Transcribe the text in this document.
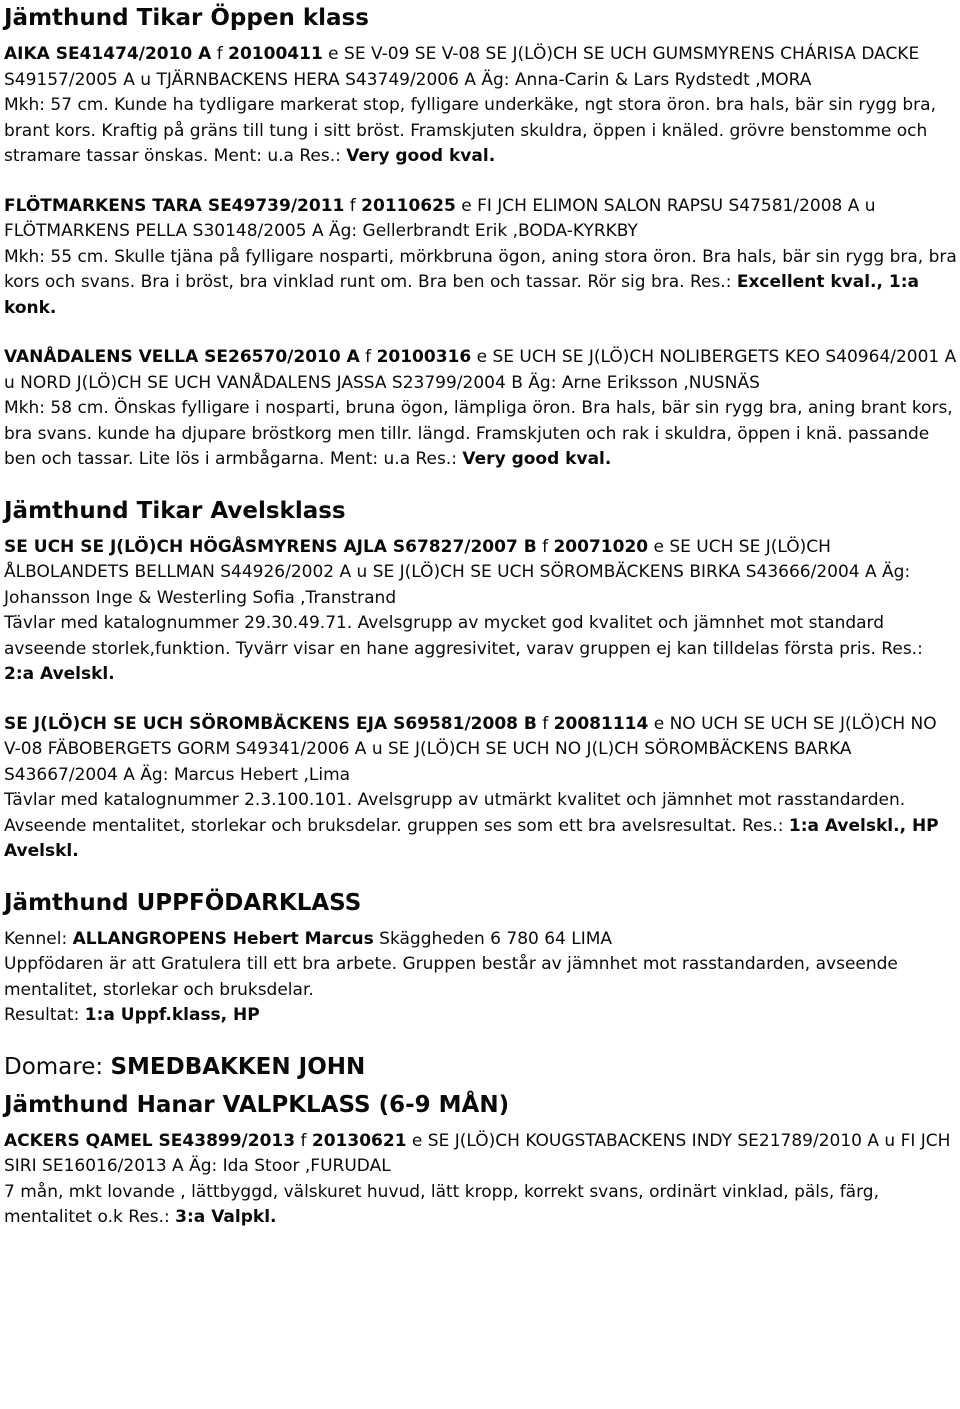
Jämthund Tikar Öppen klass

AIKA SE41474/2010 A f 20100411 e SE V-09 SE V-08 SE J(LÖ)CH SE UCH GUMSMYRENS CHÁRISA DACKE S49157/2005 A u TJÄRNBACKENS HERA S43749/2006 A Äg: Anna-Carin & Lars Rydstedt ,MORA
Mkh: 57 cm. Kunde ha tydligare markerat stop, fylligare underkäke, ngt stora öron. bra hals, bär sin rygg bra, brant kors. Kraftig på gräns till tung i sitt bröst. Framskjuten skuldra, öppen i knäled. grövre benstomme och stramare tassar önskas. Ment: u.a Res.: Very good kval.

FLÖTMARKENS TARA SE49739/2011 f 20110625 e FI JCH ELIMON SALON RAPSU S47581/2008 A u FLÖTMARKENS PELLA S30148/2005 A Äg: Gellerbrandt Erik ,BODA-KYRKBY
Mkh: 55 cm. Skulle tjäna på fylligare nosparti, mörkbruna ögon, aning stora öron. Bra hals, bär sin rygg bra, bra kors och svans. Bra i bröst, bra vinklad runt om. Bra ben och tassar. Rör sig bra. Res.: Excellent kval., 1:a konk.

VANÅDALENS VELLA SE26570/2010 A f 20100316 e SE UCH SE J(LÖ)CH NOLIBERGETS KEO S40964/2001 A u NORD J(LÖ)CH SE UCH VANÅDALENS JASSA S23799/2004 B Äg: Arne Eriksson ,NUSNÄS
Mkh: 58 cm. Önskas fylligare i nosparti, bruna ögon, lämpliga öron. Bra hals, bär sin rygg bra, aning brant kors, bra svans. kunde ha djupare bröstkorg men tillr. längd. Framskjuten och rak i skuldra, öppen i knä. passande ben och tassar. Lite lös i armbågarna. Ment: u.a Res.: Very good kval.

Jämthund Tikar Avelsklass

SE UCH SE J(LÖ)CH HÖGÅSMYRENS AJLA S67827/2007 B f 20071020 e SE UCH SE J(LÖ)CH ÅLBOLANDETS BELLMAN S44926/2002 A u SE J(LÖ)CH SE UCH SÖROMBÄCKENS BIRKA S43666/2004 A Äg: Johansson Inge & Westerling Sofia ,Transtrand
Tävlar med katalognummer 29.30.49.71. Avelsgrupp av mycket god kvalitet och jämnhet mot standard avseende storlek,funktion. Tyvärr visar en hane aggresivitet, varav gruppen ej kan tilldelas första pris. Res.: 2:a Avelskl.

SE J(LÖ)CH SE UCH SÖROMBÄCKENS EJA S69581/2008 B f 20081114 e NO UCH SE UCH SE J(LÖ)CH NO V-08 FÄBOBERGETS GORM S49341/2006 A u SE J(LÖ)CH SE UCH NO J(L)CH SÖROMBÄCKENS BARKA S43667/2004 A Äg: Marcus Hebert ,Lima
Tävlar med katalognummer 2.3.100.101. Avelsgrupp av utmärkt kvalitet och jämnhet mot rasstandarden. Avseende mentalitet, storlekar och bruksdelar. gruppen ses som ett bra avelsresultat. Res.: 1:a Avelskl., HP Avelskl.

Jämthund UPPFÖDARKLASS

Kennel: ALLANGROPENS Hebert Marcus Skäggheden 6 780 64 LIMA
Uppfödaren är att Gratulera till ett bra arbete. Gruppen består av jämnhet mot rasstandarden, avseende mentalitet, storlekar och bruksdelar.
Resultat: 1:a Uppf.klass, HP

Domare: SMEDBAKKEN JOHN

Jämthund Hanar VALPKLASS (6-9 MÅN)

ACKERS QAMEL SE43899/2013 f 20130621 e SE J(LÖ)CH KOUGSTABACKENS INDY SE21789/2010 A u FI JCH SIRI SE16016/2013 A Äg: Ida Stoor ,FURUDAL
7 mån, mkt lovande , lättbyggd, välskuret huvud, lätt kropp, korrekt svans, ordinärt vinklad, päls, färg, mentalitet o.k Res.: 3:a Valpkl.
